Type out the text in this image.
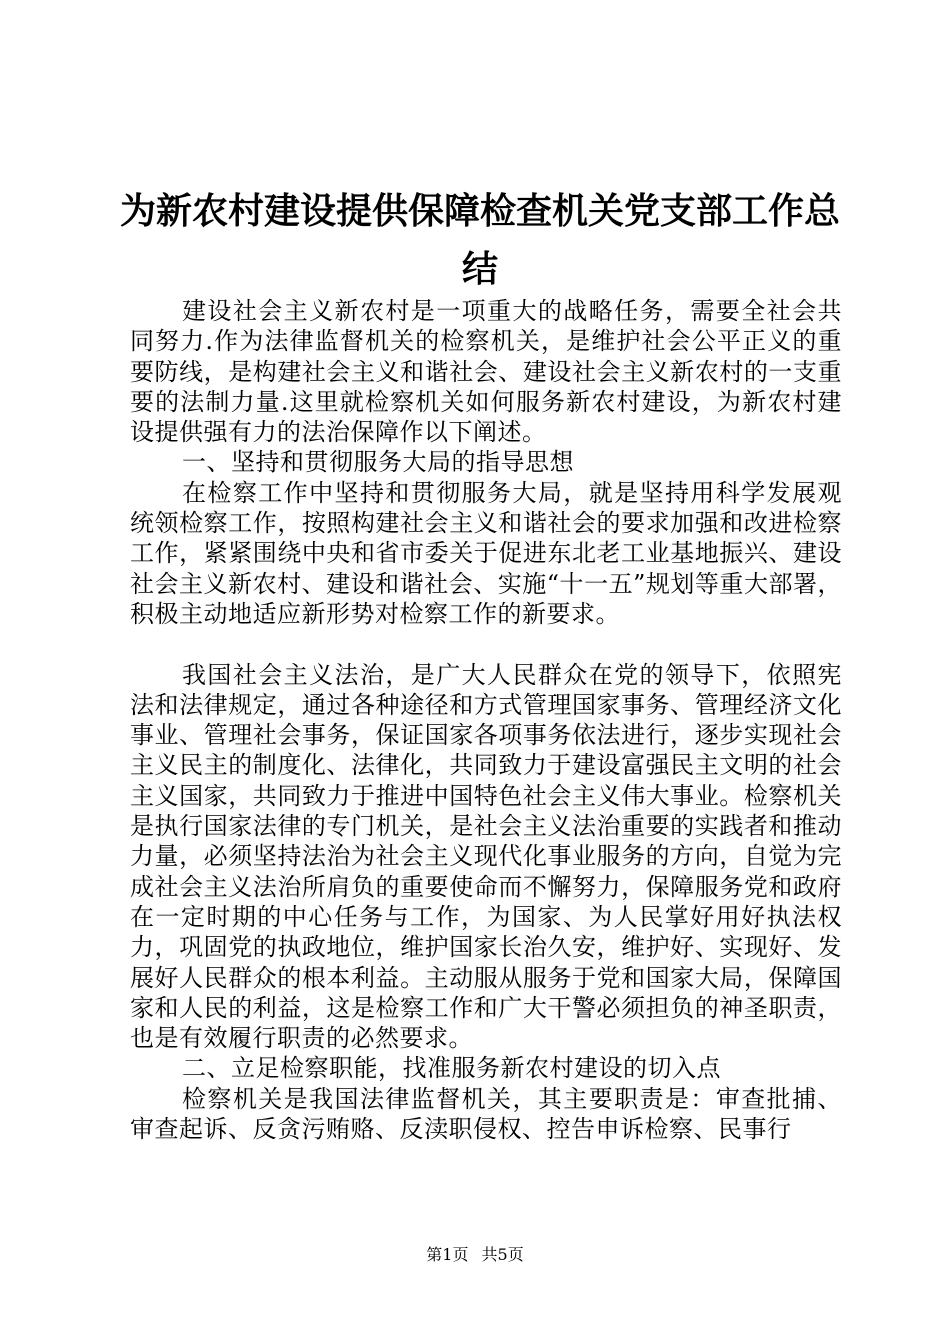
为新农村建设提供保障检查机关党支部工作总
结

建设社会主义新农村是一项重大的战略任务，需要全社会共同努力.作为法律监督机关的检察机关，是维护社会公平正义的重要防线，是构建社会主义和谐社会、建设社会主义新农村的一支重要的法制力量.这里就检察机关如何服务新农村建设，为新农村建设提供强有力的法治保障作以下阐述。

一、坚持和贯彻服务大局的指导思想

在检察工作中坚持和贯彻服务大局，就是坚持用科学发展观统领检察工作，按照构建社会主义和谐社会的要求加强和改进检察工作，紧紧围绕中央和省市委关于促进东北老工业基地振兴、建设社会主义新农村、建设和谐社会、实施“十一五”规划等重大部署，积极主动地适应新形势对检察工作的新要求。

我国社会主义法治，是广大人民群众在党的领导下，依照宪法和法律规定，通过各种途径和方式管理国家事务、管理经济文化事业、管理社会事务，保证国家各项事务依法进行，逐步实现社会主义民主的制度化、法律化，共同致力于建设富强民主文明的社会主义国家，共同致力于推进中国特色社会主义伟大事业。检察机关是执行国家法律的专门机关，是社会主义法治重要的实践者和推动力量，必须坚持法治为社会主义现代化事业服务的方向，自觉为完成社会主义法治所肩负的重要使命而不懈努力，保障服务党和政府在一定时期的中心任务与工作，为国家、为人民掌好用好执法权力，巩固党的执政地位，维护国家长治久安，维护好、实现好、发展好人民群众的根本利益。主动服从服务于党和国家大局，保障国家和人民的利益，这是检察工作和广大干警必须担负的神圣职责，也是有效履行职责的必然要求。

二、立足检察职能，找准服务新农村建设的切入点

检察机关是我国法律监督机关，其主要职责是：审查批捕、审查起诉、反贪污贿赂、反渎职侵权、控告申诉检察、民事行

第1页 共5页
